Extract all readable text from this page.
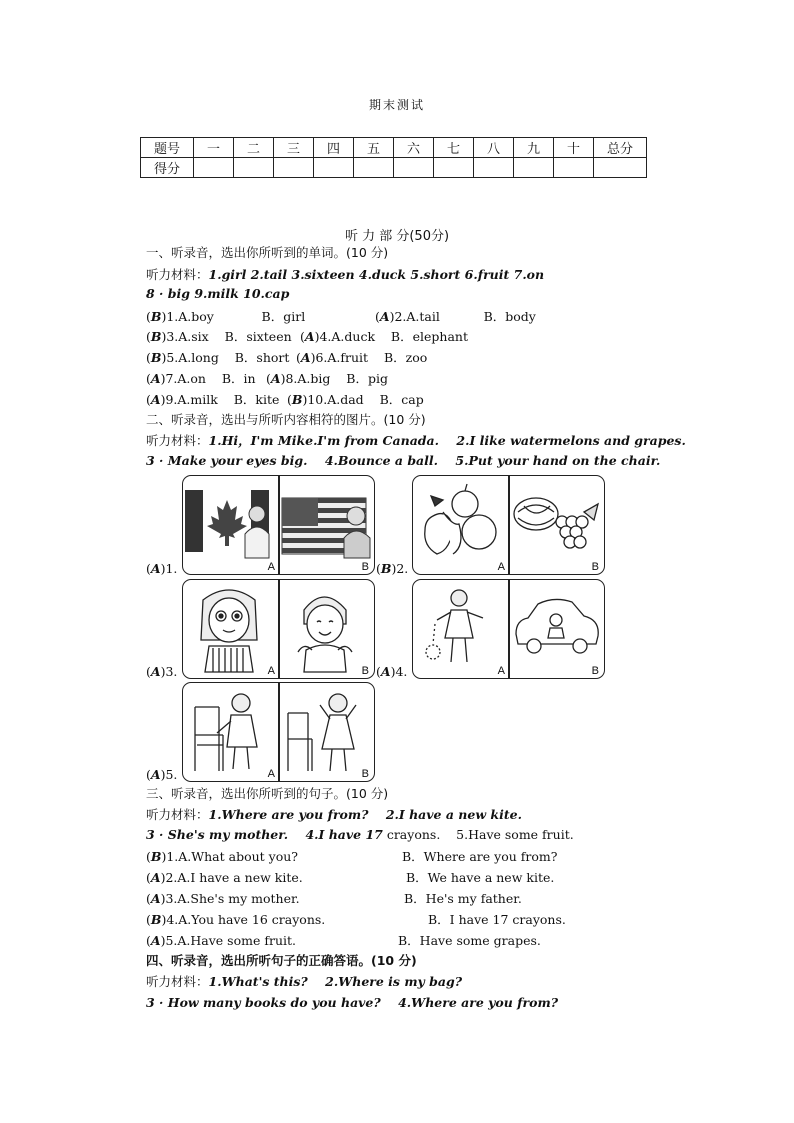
期末测试
题号	一	二	三	四	五	六	七	八	九	十	总分
得分											
听 力 部 分(50分)
一、听录音，选出你所听到的单词。(10 分)
听力材料：1.girl 2.tail 3.sixteen 4.duck 5.short 6.fruit 7.on
8 · big 9.milk 10.cap
(B)1.A.boy            B．girl	(A)2.A.tail           B．body
(B)3.A.six    B．sixteen (A)4.A.duck    B．elephant
(B)5.A.long    B．short (A)6.A.fruit    B．zoo
(A)7.A.on    B．in (A)8.A.big    B．pig
(A)9.A.milk    B．kite (B)10.A.dad    B．cap
二、听录音，选出与所听内容相符的图片。(10 分)
听力材料：1.Hi，I'm Mike.I'm from Canada.    2.I like watermelons and grapes.
3 · Make your eyes big.    4.Bounce a ball.    5.Put your hand on the chair.
A	B
(A)1.	A	B
(B)2.
A	B
(A)3.	A	B
(A)4.
A	B
(A)5.
三、听录音，选出你所听到的句子。(10 分)
听力材料：1.Where are you from?    2.I have a new kite.
3 · She's my mother.    4.I have 17 crayons.    5.Have some fruit.
(B)1.A.What about you?	B．Where are you from?
(A)2.A.I have a new kite.	B．We have a new kite.
(A)3.A.She's my mother.	B．He's my father.
(B)4.A.You have 16 crayons.	B．I have 17 crayons.
(A)5.A.Have some fruit.	B．Have some grapes.
四、听录音，选出所听句子的正确答语。(10 分)
听力材料：1.What's this?    2.Where is my bag?
3 · How many books do you have?    4.Where are you from?
